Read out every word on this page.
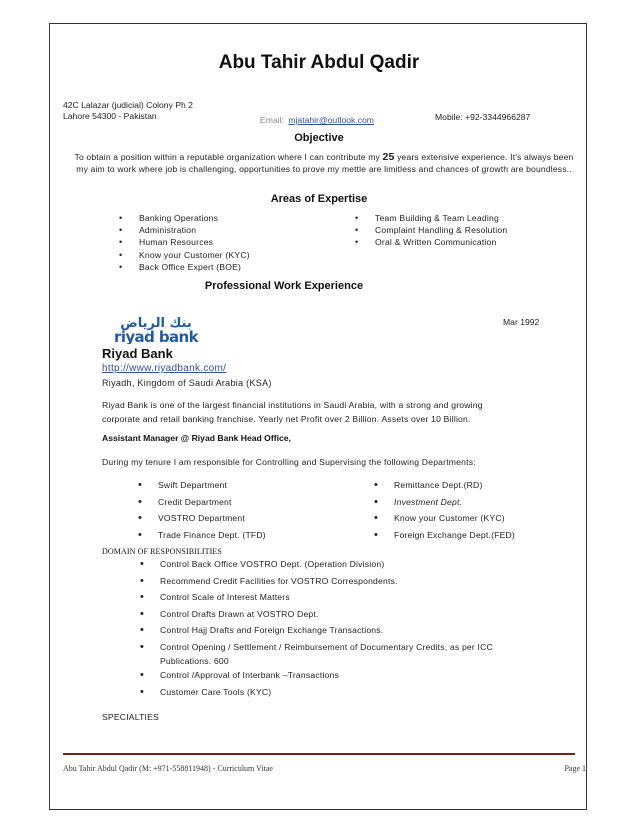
Abu Tahir Abdul Qadir
42C Lalazar (judicial) Colony Ph 2
Lahore 54300 - Pakistan	Email: mjatahir@outlook.com	Mobile: +92-3344966287
Objective
To obtain a position within a reputable organization where I can contribute my 25 years extensive experience. It's always been my aim to work where job is challenging, opportunities to prove my mettle are limitless and chances of growth are boundless..
Areas of Expertise
• Banking Operations
• Administration
• Human Resources
• Know your Customer (KYC)
• Back Office Expert (BOE)
• Team Building & Team Leading
• Complaint Handling & Resolution
• Oral & Written Communication
Professional Work Experience
Mar 1992
بنك الرياض
riyad bank
Riyad Bank
http://www.riyadbank.com/
Riyadh, Kingdom of Saudi Arabia (KSA)
Riyad Bank is one of the largest financial institutions in Saudi Arabia, with a strong and growing corporate and retail banking franchise. Yearly net Profit over 2 Billion. Assets over 10 Billion.
Assistant Manager @ Riyad Bank Head Office,
During my tenure I am responsible for Controlling and Supervising the following Departments:
• Swift Department
• Credit Department
• VOSTRO Department
• Trade Finance Dept. (TFD)
• Remittance Dept.(RD)
• Investment Dept.
• Know your Customer (KYC)
• Foreign Exchange Dept.(FED)
DOMAIN OF RESPONSIBILITIES
• Control Back Office VOSTRO Dept. (Operation Division)
• Recommend Credit Facilities for VOSTRO Correspondents.
• Control Scale of Interest Matters
• Control Drafts Drawn at VOSTRO Dept.
• Control Hajj Drafts and Foreign Exchange Transactions.
• Control Opening / Settlement / Reimbursement of Documentary Credits, as per ICC
Publications. 600
• Control /Approval of Interbank –Transactions
• Customer Care Tools (KYC)
SPECIALTIES
Abu Tahir Abdul Qadir (M: +971-558811948) - Curriculum Vitae	Page 1
